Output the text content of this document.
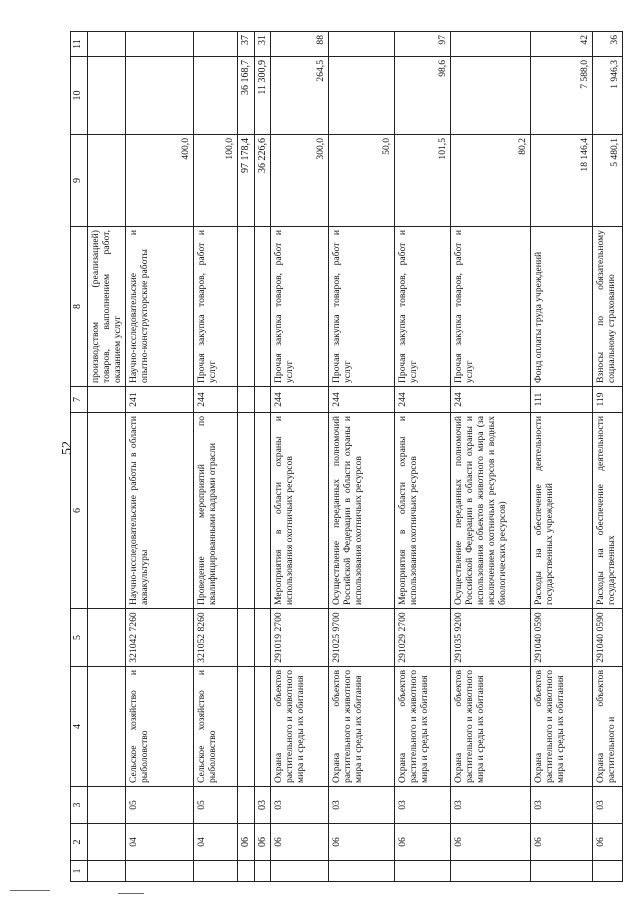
52
1	2	3	4	5	6	7	8	9	10	11
							производством (реализацией) товаров, выполнением работ, оказанием услуг			
	04	05	Сельское хозяйство и рыболовство	321042 7260	Научно-исследовательские работы в области аквакультуры	241	Научно-исследовательские и опытно-конструкторские работы	400,0		
	04	05	Сельское хозяйство и рыболовство	321052 8260	Проведение мероприятий по квалифицированными кадрами отрасли	244	Прочая закупка товаров, работ и услуг	100,0		
	06							97 178,4	36 168,7	37
	06	03						36 226,6	11 300,9	31
	06	03	Охрана объектов растительного и животного мира и среды их обитания	291019 2700	Мероприятия в области охраны и использования охотничьих ресурсов	244	Прочая закупка товаров, работ и услуг	300,0	264,5	88
	06	03	Охрана объектов растительного и животного мира и среды их обитания	291025 9700	Осуществление переданных полномочий Российской Федерации в области охраны и использования охотничьих ресурсов	244	Прочая закупка товаров, работ и услуг	50,0		
	06	03	Охрана объектов растительного и животного мира и среды их обитания	291029 2700	Мероприятия в области охраны и использования охотничьих ресурсов	244	Прочая закупка товаров, работ и услуг	101,5	98,6	97
	06	03	Охрана объектов растительного и животного мира и среды их обитания	291035 9200	Осуществление переданных полномочий Российской Федерации в области охраны и использования объектов животного мира (за исключением охотничьих ресурсов и водных биологических ресурсов)	244	Прочая закупка товаров, работ и услуг	80,2		
	06	03	Охрана объектов растительного и животного мира и среды их обитания	291040 0590	Расходы на обеспечение деятельности государственных учреждений	111	Фонд оплаты труда учреждений	18 146,4	7 588,0	42
	06	03	Охрана объектов растительного и	291040 0590	Расходы на обеспечение деятельности государственных	119	Взносы по обязательному социальному страхованию	5 480,1	1 946,3	36
